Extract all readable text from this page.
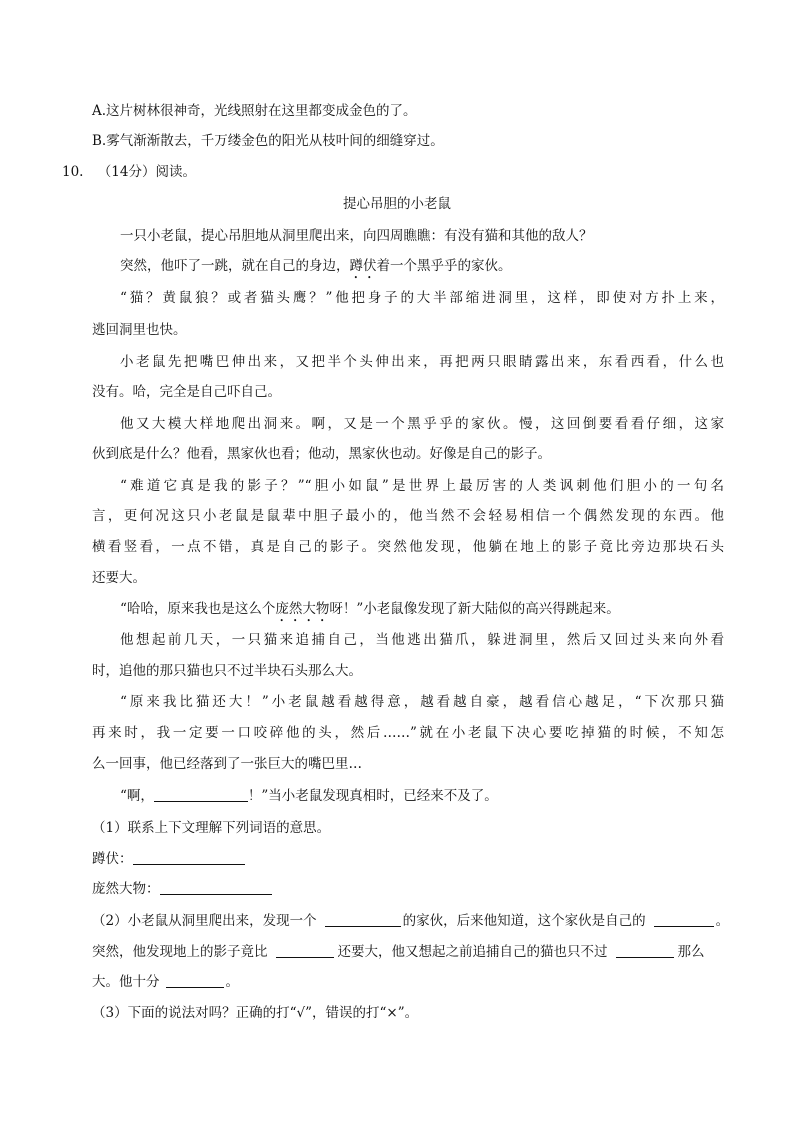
A.这片树林很神奇，光线照射在这里都变成金色的了。
B.雾气渐渐散去，千万缕金色的阳光从枝叶间的细缝穿过。
10. （14分）阅读。
提心吊胆的小老鼠
一只小老鼠，提心吊胆地从洞里爬出来，向四周瞧瞧：有没有猫和其他的敌人？
突然，他吓了一跳，就在自己的身边，蹲伏着一个黑乎乎的家伙。
“猫？黄鼠狼？或者猫头鹰？”他把身子的大半部缩进洞里，这样，即使对方扑上来，
逃回洞里也快。
小老鼠先把嘴巴伸出来，又把半个头伸出来，再把两只眼睛露出来，东看西看，什么也
没有。哈，完全是自己吓自己。
他又大模大样地爬出洞来。啊，又是一个黑乎乎的家伙。慢，这回倒要看看仔细，这家
伙到底是什么？他看，黑家伙也看；他动，黑家伙也动。好像是自己的影子。
“难道它真是我的影子？”“胆小如鼠”是世界上最厉害的人类讽刺他们胆小的一句名
言，更何况这只小老鼠是鼠辈中胆子最小的，他当然不会轻易相信一个偶然发现的东西。他
横看竖看，一点不错，真是自己的影子。突然他发现，他躺在地上的影子竟比旁边那块石头
还要大。
“哈哈，原来我也是这么个庞然大物呀！”小老鼠像发现了新大陆似的高兴得跳起来。
他想起前几天，一只猫来追捕自己，当他逃出猫爪，躲进洞里，然后又回过头来向外看
时，追他的那只猫也只不过半块石头那么大。
“原来我比猫还大！”小老鼠越看越得意，越看越自豪，越看信心越足，“下次那只猫
再来时，我一定要一口咬碎他的头，然后……”就在小老鼠下决心要吃掉猫的时候，不知怎
么一回事，他已经落到了一张巨大的嘴巴里…
“啊，	！”当小老鼠发现真相时，已经来不及了。
（1）联系上下文理解下列词语的意思。
蹲伏：
庞然大物：
（2）小老鼠从洞里爬出来，发现一个	的家伙，后来他知道，这个家伙是自己的	。
突然，他发现地上的影子竟比	还要大，他又想起之前追捕自己的猫也只不过	那么
大。他十分	。
（3）下面的说法对吗？正确的打“√”，错误的打“×”。
